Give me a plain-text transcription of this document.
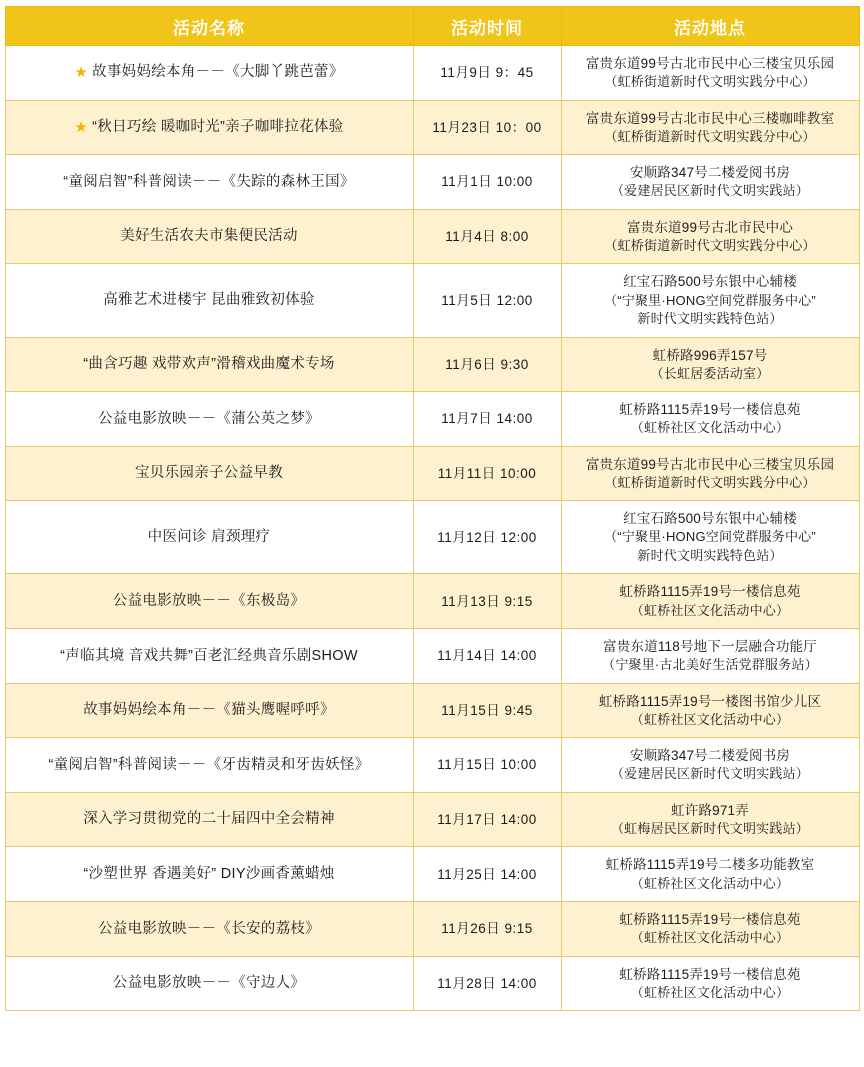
活动名称	活动时间	活动地点
★ 故事妈妈绘本角－－《大脚丫跳芭蕾》	11月9日 9：45	富贵东道99号古北市民中心三楼宝贝乐园
（虹桥街道新时代文明实践分中心）

★ “秋日巧绘 暖咖时光”亲子咖啡拉花体验	11月23日 10：00	富贵东道99号古北市民中心三楼咖啡教室
（虹桥街道新时代文明实践分中心）

“童阅启智”科普阅读－－《失踪的森林王国》	11月1日 10:00	安顺路347号二楼爱阅书房
（爱建居民区新时代文明实践站）

美好生活农夫市集便民活动	11月4日 8:00	富贵东道99号古北市民中心
（虹桥街道新时代文明实践分中心）

高雅艺术进楼宇 昆曲雅致初体验	11月5日 12:00	红宝石路500号东银中心辅楼
（“宁聚里·HONG空间党群服务中心”
新时代文明实践特色站）

“曲含巧趣 戏带欢声”滑稽戏曲魔术专场	11月6日 9:30	虹桥路996弄157号
（长虹居委活动室）

公益电影放映－－《蒲公英之梦》	11月7日 14:00	虹桥路1115弄19号一楼信息苑
（虹桥社区文化活动中心）

宝贝乐园亲子公益早教	11月11日 10:00	富贵东道99号古北市民中心三楼宝贝乐园
（虹桥街道新时代文明实践分中心）

中医问诊 肩颈理疗	11月12日 12:00	红宝石路500号东银中心辅楼
（“宁聚里·HONG空间党群服务中心”
新时代文明实践特色站）

公益电影放映－－《东极岛》	11月13日 9:15	虹桥路1115弄19号一楼信息苑
（虹桥社区文化活动中心）

“声临其境 音戏共舞”百老汇经典音乐剧SHOW	11月14日 14:00	富贵东道118号地下一层融合功能厅
（宁聚里·古北美好生活党群服务站）

故事妈妈绘本角－－《猫头鹰喔呼呼》	11月15日 9:45	虹桥路1115弄19号一楼图书馆少儿区
（虹桥社区文化活动中心）

“童阅启智”科普阅读－－《牙齿精灵和牙齿妖怪》	11月15日 10:00	安顺路347号二楼爱阅书房
（爱建居民区新时代文明实践站）

深入学习贯彻党的二十届四中全会精神	11月17日 14:00	虹许路971弄
（虹梅居民区新时代文明实践站）

“沙塑世界 香遇美好” DIY沙画香薰蜡烛	11月25日 14:00	虹桥路1115弄19号二楼多功能教室
（虹桥社区文化活动中心）

公益电影放映－－《长安的荔枝》	11月26日 9:15	虹桥路1115弄19号一楼信息苑
（虹桥社区文化活动中心）

公益电影放映－－《守边人》	11月28日 14:00	虹桥路1115弄19号一楼信息苑
（虹桥社区文化活动中心）
